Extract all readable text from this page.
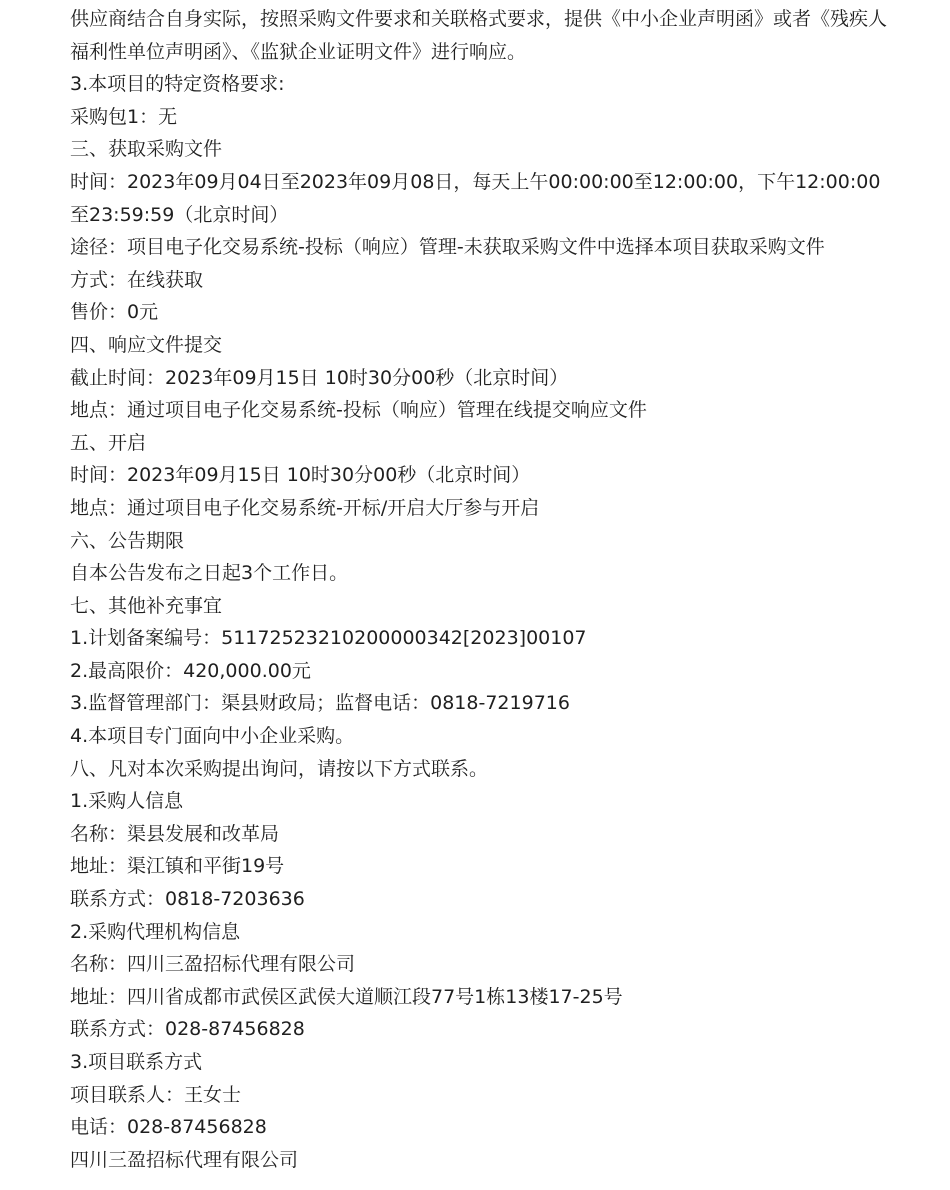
供应商结合自身实际，按照采购文件要求和关联格式要求，提供《中小企业声明函》或者《残疾人福利性单位声明函》、《监狱企业证明文件》进行响应。
3.本项目的特定资格要求:
采购包1：无
三、获取采购文件
时间：2023年09月04日至2023年09月08日，每天上午00:00:00至12:00:00，下午12:00:00至23:59:59（北京时间）
途径：项目电子化交易系统-投标（响应）管理-未获取采购文件中选择本项目获取采购文件
方式：在线获取
售价：0元
四、响应文件提交
截止时间：2023年09月15日 10时30分00秒（北京时间）
地点：通过项目电子化交易系统-投标（响应）管理在线提交响应文件
五、开启
时间：2023年09月15日 10时30分00秒（北京时间）
地点：通过项目电子化交易系统-开标/开启大厅参与开启
六、公告期限
自本公告发布之日起3个工作日。
七、其他补充事宜
1.计划备案编号：51172523210200000342[2023]00107
2.最高限价：420,000.00元
3.监督管理部门：渠县财政局；监督电话：0818-7219716
4.本项目专门面向中小企业采购。
八、凡对本次采购提出询问，请按以下方式联系。
1.采购人信息
名称：渠县发展和改革局
地址：渠江镇和平街19号
联系方式：0818-7203636
2.采购代理机构信息
名称：四川三盈招标代理有限公司
地址：四川省成都市武侯区武侯大道顺江段77号1栋13楼17-25号
联系方式：028-87456828
3.项目联系方式
项目联系人：王女士
电话：028-87456828
四川三盈招标代理有限公司
